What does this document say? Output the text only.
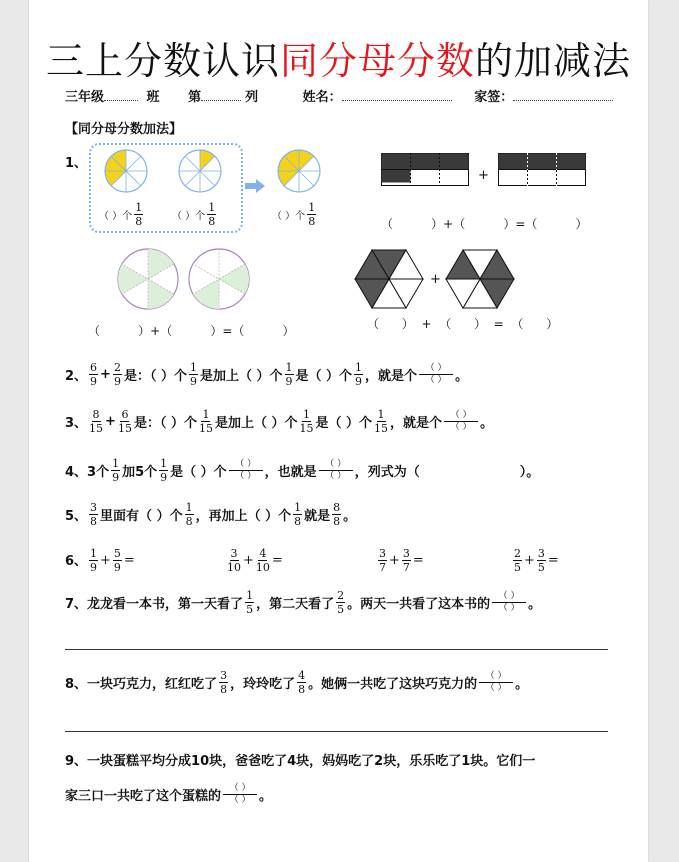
三上分数认识同分母分数的加减法
三年级	班 第	列	姓名：	家签：
【同分母分数加法】
1、
（ ）个 $\frac{1}{8}$	（ ）个 $\frac{1}{8}$	（ ）个 $\frac{1}{8}$
+
（          ）+（          ）=（          ）
（          ）+（          ）=（          ）
+
（      ）  +  （      ）  =  （      ）
2、 $\frac{6}{9} + \frac{2}{9}$ 是：（ ）个 $\frac{1}{9}$ 是加上（ ）个 $\frac{1}{9}$ 是（ ）个 $\frac{1}{9}$ ，就是个
（ ）
（ ） 。
3、 $\frac{8}{15} + \frac{6}{15}$ 是：（ ）个 $\frac{1}{15}$ 是加上（ ）个 $\frac{1}{15}$ 是（ ）个 $\frac{1}{15}$ ，就是个
（ ）
（ ） 。
4、 3个 $\frac{1}{9}$ 加5个 $\frac{1}{9}$ 是（ ）个
（ ）
（ ） ，也就是
（ ）
（ ） ，列式为（	）。
5、 $\frac{3}{8}$ 里面有（ ）个 $\frac{1}{8}$ ，再加上（ ）个 $\frac{1}{8}$ 就是 $\frac{8}{8}$ 。
6、 $\frac{1}{9} + \frac{5}{9}$ =	$\frac{3}{10} + \frac{4}{10}$ =	$\frac{3}{7} + \frac{3}{7}$ =	$\frac{2}{5} + \frac{3}{5}$ =
7、 龙龙看一本书，第一天看了 $\frac{1}{5}$ ，第二天看了 $\frac{2}{5}$ 。两天一共看了这本书的
（ ）
（ ） 。
8、 一块巧克力，红红吃了 $\frac{3}{8}$ ，玲玲吃了 $\frac{4}{8}$ 。她俩一共吃了这块巧克力的
（ ）
（ ） 。
9、 一块蛋糕平均分成10块，爸爸吃了4块，妈妈吃了2块，乐乐吃了1块。它们一
家三口一共吃了这个蛋糕的
（ ）
（ ） 。
